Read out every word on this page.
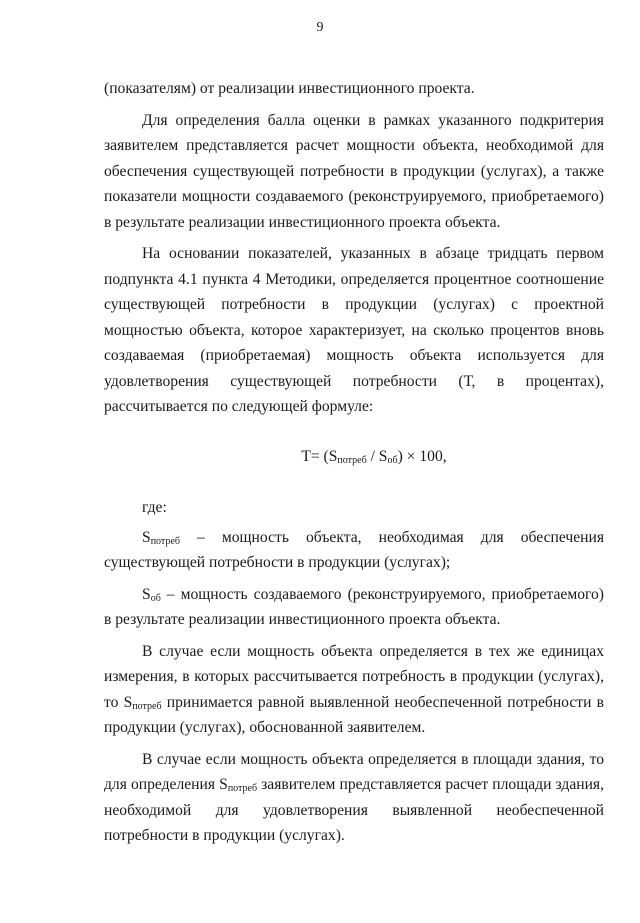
9

(показателям) от реализации инвестиционного проекта.

Для определения балла оценки в рамках указанного подкритерия заявителем представляется расчет мощности объекта, необходимой для обеспечения существующей потребности в продукции (услугах), а также показатели мощности создаваемого (реконструируемого, приобретаемого) в результате реализации инвестиционного проекта объекта.

На основании показателей, указанных в абзаце тридцать первом подпункта 4.1 пункта 4 Методики, определяется процентное соотношение существующей потребности в продукции (услугах) с проектной мощностью объекта, которое характеризует, на сколько процентов вновь создаваемая (приобретаемая) мощность объекта используется для удовлетворения существующей потребности (Т, в процентах), рассчитывается по следующей формуле:

$Т= (S_{потреб} / S_{об}) \times 100$,

где:

$S_{потреб}$ – мощность объекта, необходимая для обеспечения существующей потребности в продукции (услугах);

$S_{об}$ – мощность создаваемого (реконструируемого, приобретаемого) в результате реализации инвестиционного проекта объекта.

В случае если мощность объекта определяется в тех же единицах измерения, в которых рассчитывается потребность в продукции (услугах), то $S_{потреб}$ принимается равной выявленной необеспеченной потребности в продукции (услугах), обоснованной заявителем.

В случае если мощность объекта определяется в площади здания, то для определения $S_{потреб}$ заявителем представляется расчет площади здания, необходимой для удовлетворения выявленной необеспеченной потребности в продукции (услугах).
